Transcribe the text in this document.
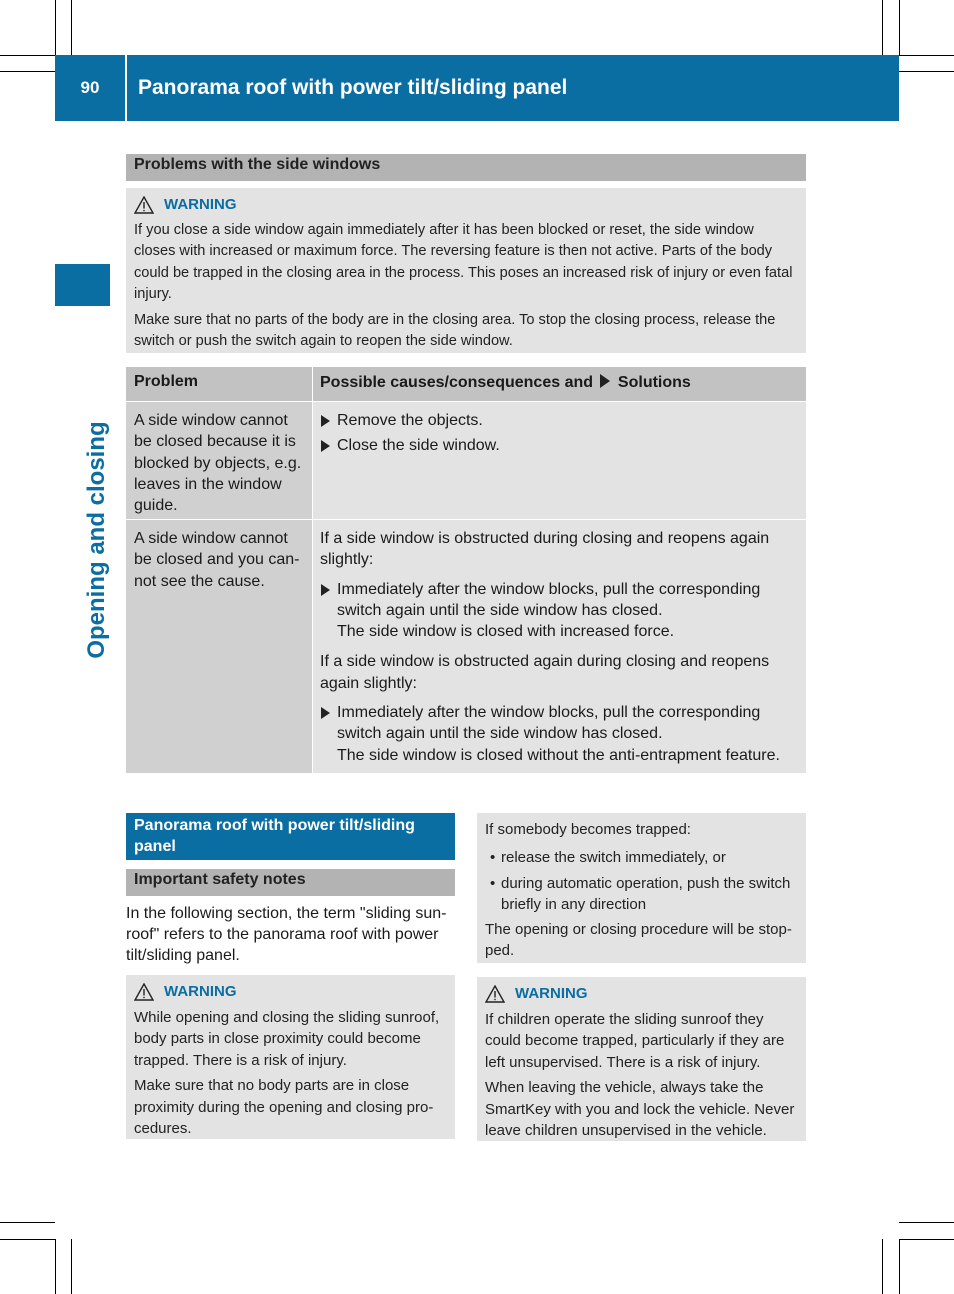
90	Panorama roof with power tilt/sliding panel
Opening and closing
Problems with the side windows
WARNING

If you close a side window again immediately after it has been blocked or reset, the side window closes with increased or maximum force. The reversing feature is then not active. Parts of the body could be trapped in the closing area in the process. This poses an increased risk of injury or even fatal injury.

Make sure that no parts of the body are in the closing area. To stop the closing process, release the switch or push the switch again to reopen the side window.

Problem	Possible causes/consequences and Solutions
A side window cannot be closed because it is blocked by objects, e.g. leaves in the window guide.

Remove the objects.

Close the side window.

A side window cannot be closed and you can-not see the cause.

If a side window is obstructed during closing and reopens again slightly:

Immediately after the window blocks, pull the corresponding switch again until the side window has closed.
The side window is closed with increased force.

If a side window is obstructed again during closing and reopens again slightly:

Immediately after the window blocks, pull the corresponding switch again until the side window has closed.
The side window is closed without the anti-entrapment feature.
Panorama roof with power tilt/sliding panel
Important safety notes
In the following section, the term "sliding sun-roof" refers to the panorama roof with power tilt/sliding panel.
WARNING

While opening and closing the sliding sunroof, body parts in close proximity could become trapped. There is a risk of injury.

Make sure that no body parts are in close proximity during the opening and closing pro-cedures.

If somebody becomes trapped:

• release the switch immediately, or
• during automatic operation, push the switch briefly in any direction

The opening or closing procedure will be stop-ped.

WARNING

If children operate the sliding sunroof they could become trapped, particularly if they are left unsupervised. There is a risk of injury.

When leaving the vehicle, always take the SmartKey with you and lock the vehicle. Never leave children unsupervised in the vehicle.
